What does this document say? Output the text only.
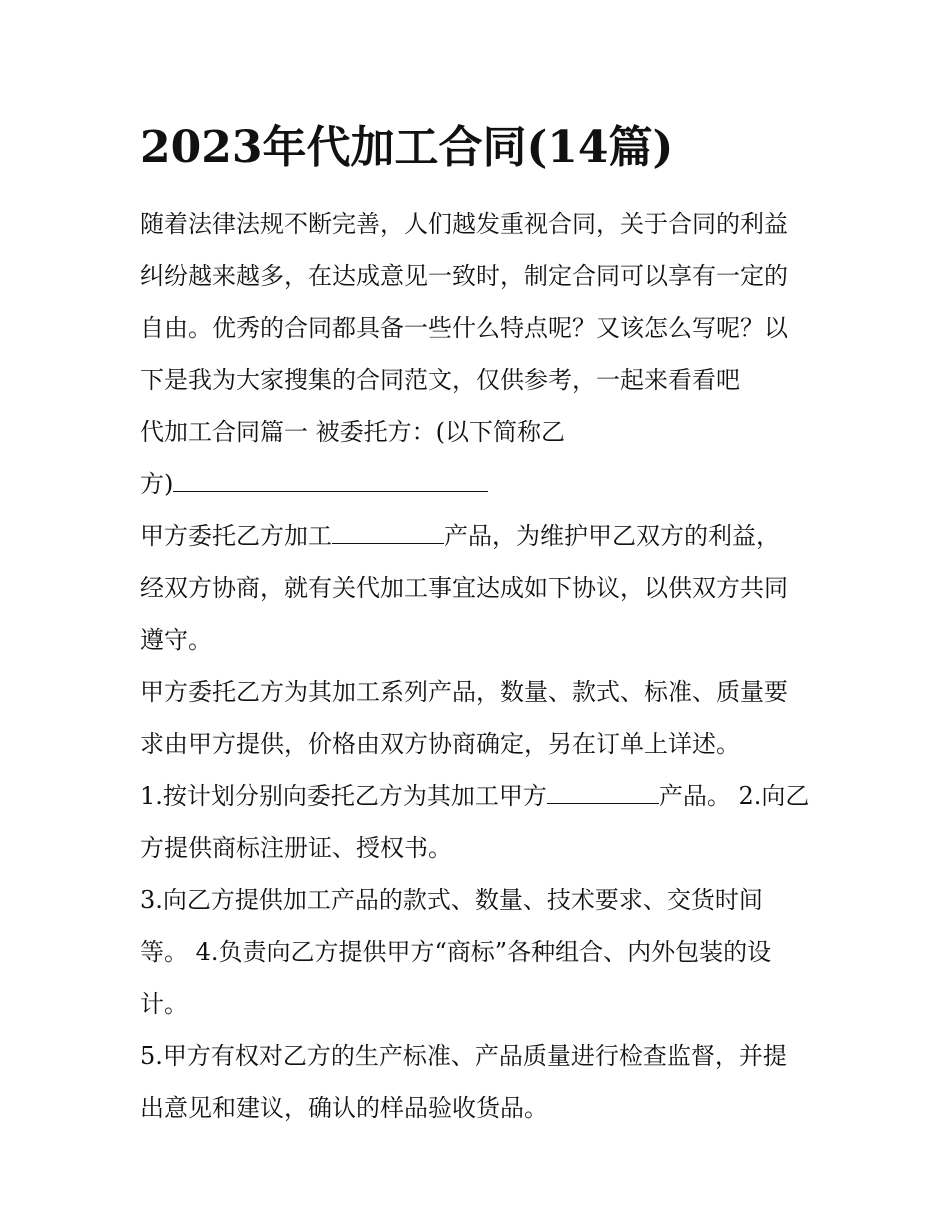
2023年代加工合同(14篇)

随着法律法规不断完善，人们越发重视合同，关于合同的利益
纠纷越来越多，在达成意见一致时，制定合同可以享有一定的
自由。优秀的合同都具备一些什么特点呢？又该怎么写呢？以
下是我为大家搜集的合同范文，仅供参考，一起来看看吧

代加工合同篇一 被委托方：(以下简称乙
方)

甲方委托乙方加工	产品，为维护甲乙双方的利益，
经双方协商，就有关代加工事宜达成如下协议，以供双方共同
遵守。

甲方委托乙方为其加工系列产品，数量、款式、标准、质量要
求由甲方提供，价格由双方协商确定，另在订单上详述。

1.按计划分别向委托乙方为其加工甲方	产品。 2.向乙
方提供商标注册证、授权书。

3.向乙方提供加工产品的款式、数量、技术要求、交货时间
等。 4.负责向乙方提供甲方“商标”各种组合、内外包装的设
计。

5.甲方有权对乙方的生产标准、产品质量进行检查监督，并提
出意见和建议，确认的样品验收货品。
